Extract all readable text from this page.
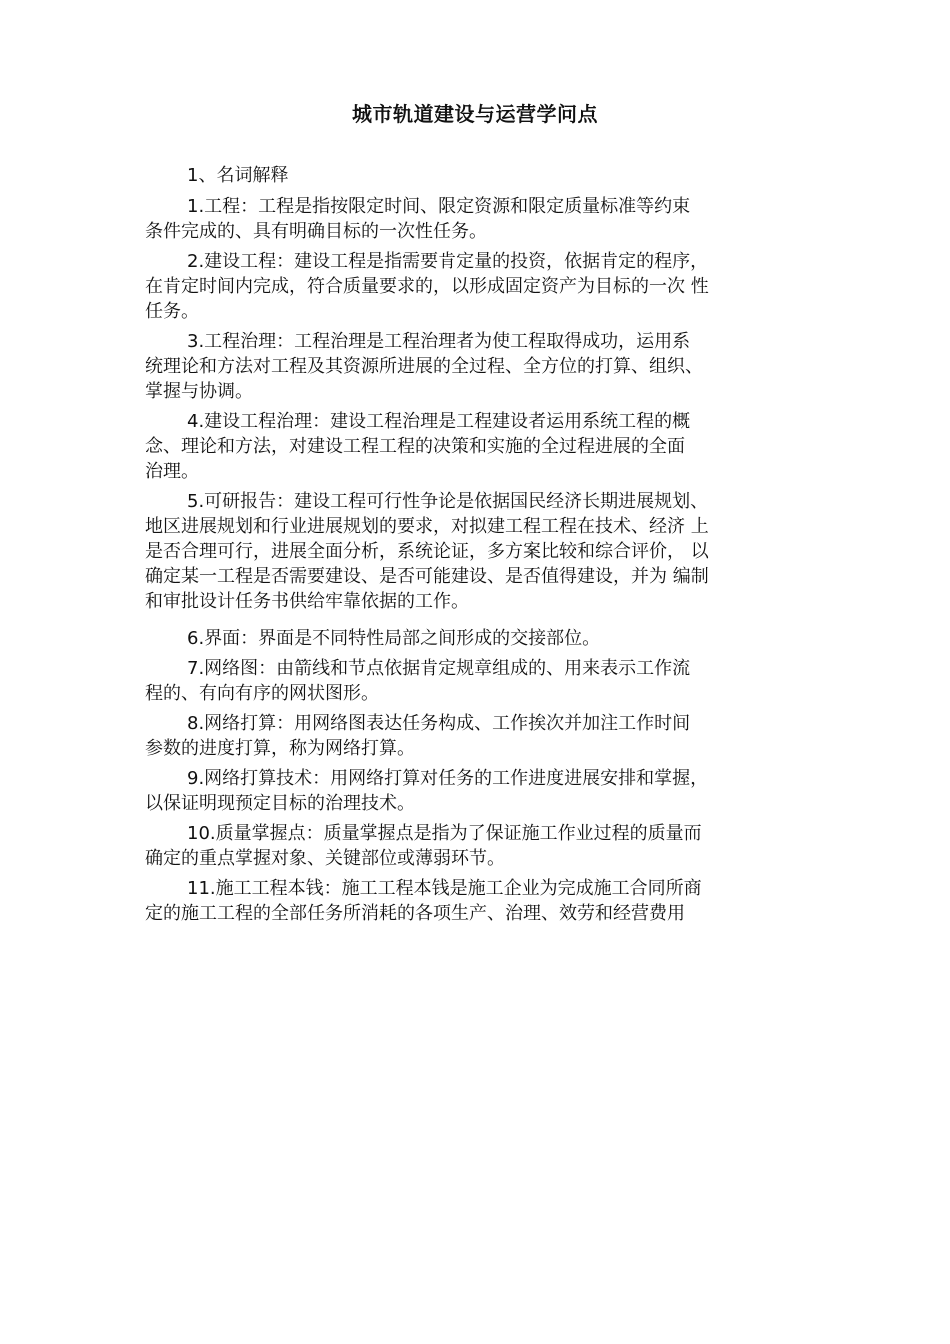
城市轨道建设与运营学问点
1、名词解释
1.工程：工程是指按限定时间、限定资源和限定质量标准等约束
条件完成的、具有明确目标的一次性任务。
2.建设工程：建设工程是指需要肯定量的投资，依据肯定的程序，
在肯定时间内完成，符合质量要求的，以形成固定资产为目标的一次 性
任务。
3.工程治理：工程治理是工程治理者为使工程取得成功，运用系
统理论和方法对工程及其资源所进展的全过程、全方位的打算、组织、
掌握与协调。
4.建设工程治理：建设工程治理是工程建设者运用系统工程的概
念、理论和方法，对建设工程工程的决策和实施的全过程进展的全面
治理。
5.可研报告：建设工程可行性争论是依据国民经济长期进展规划、
地区进展规划和行业进展规划的要求，对拟建工程工程在技术、经济 上
是否合理可行，进展全面分析，系统论证，多方案比较和综合评价， 以
确定某一工程是否需要建设、是否可能建设、是否值得建设，并为 编制
和审批设计任务书供给牢靠依据的工作。
6.界面：界面是不同特性局部之间形成的交接部位。
7.网络图：由箭线和节点依据肯定规章组成的、用来表示工作流
程的、有向有序的网状图形。
8.网络打算：用网络图表达任务构成、工作挨次并加注工作时间
参数的进度打算，称为网络打算。
9.网络打算技术：用网络打算对任务的工作进度进展安排和掌握，
以保证明现预定目标的治理技术。
10.质量掌握点：质量掌握点是指为了保证施工作业过程的质量而
确定的重点掌握对象、关键部位或薄弱环节。
11.施工工程本钱：施工工程本钱是施工企业为完成施工合同所商
定的施工工程的全部任务所消耗的各项生产、治理、效劳和经营费用
